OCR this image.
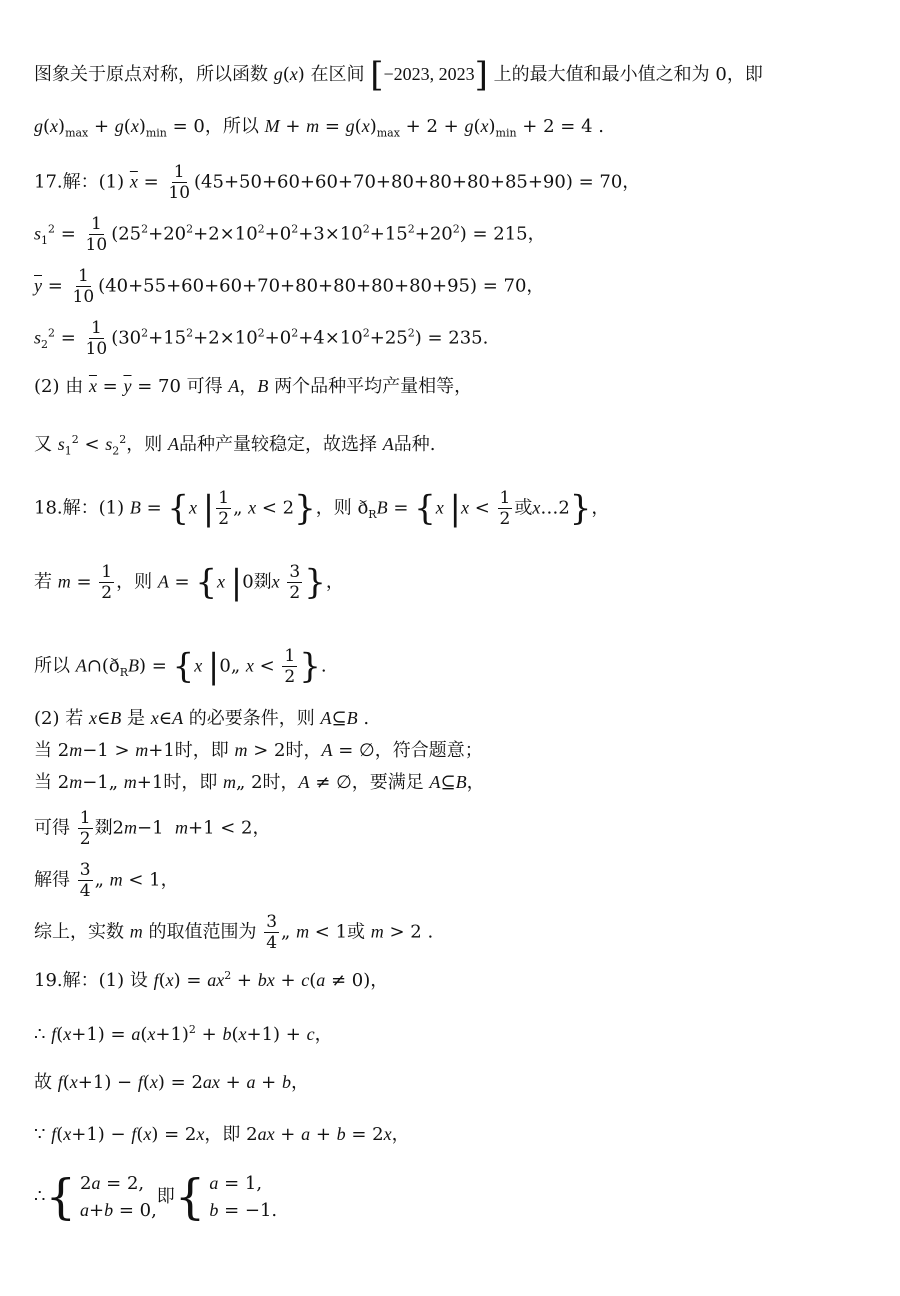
图象关于原点对称，所以函数 g(x) 在区间 [−2023, 2023] 上的最大值和最小值之和为 0，即
$g(x)_{max} + g(x)_{min} = 0$，所以 $M + m = g(x)_{max} + 2 + g(x)_{min} + 2 = 4$ .
17.解：(1) $\overline{x} = \frac{1}{10} (45+50+60+60+70+80+80+80+85+90) = 70$，
$s_1^2 = \frac{1}{10} (25^2+20^2+2\times 10^2+0^2+3\times 10^2+15^2+20^2) = 215$，
$\overline{y} = \frac{1}{10} (40+55+60+60+70+80+80+80+80+95) = 70$，
$s_2^2 = \frac{1}{10} (30^2+15^2+2\times 10^2+0^2+4\times 10^2+25^2) = 235$.
(2) 由 $\overline{x} = \overline{y} = 70$ 可得 A，B 两个品种平均产量相等，
又 $s_1^2 < s_2^2$，则 A品种产量较稳定，故选择 A品种.
18.解：(1) B = {x | $\frac{1}{2}$ „ x < 2}，则 $ð_RB = \{x$ $|x < \frac{1}{2}$ 或x…2}，
若 $m = \frac{1}{2}$ ，则 A = {x |0剟x $\frac{3}{2}$ }，
所以 $A\cap(ð_RB) = \{x$ |0„ $x < \frac{1}{2}$ }.
(2) 若 x∈B 是 x∈A 的必要条件，则 A⊆B .
当 2m−1 > m+1时，即 m > 2时，A = ∅，符合题意；
当 2m−1„ m+1时，即 m„ 2时，A ≠ ∅，要满足 A⊆B，
可得 $\frac{1}{2}$ 剟2m−1  m+1 < 2，
解得 $\frac{3}{4}$ „ m < 1，
综上，实数 m 的取值范围为 $\frac{3}{4}$ „ m < 1或 m > 2 .
19.解：(1) 设 $f(x) = ax^2$ + bx + c(a ≠ 0)，
∴ $f(x+1) = a(x+1)^2 + b(x+1) + c$，
故 f(x+1) − f(x) = 2ax + a + b，
∵ f(x+1) − f(x) = 2x，即 2ax + a + b = 2x，
∴{ 2a = 2,
a+b = 0,
即{ a = 1,
b = −1.
